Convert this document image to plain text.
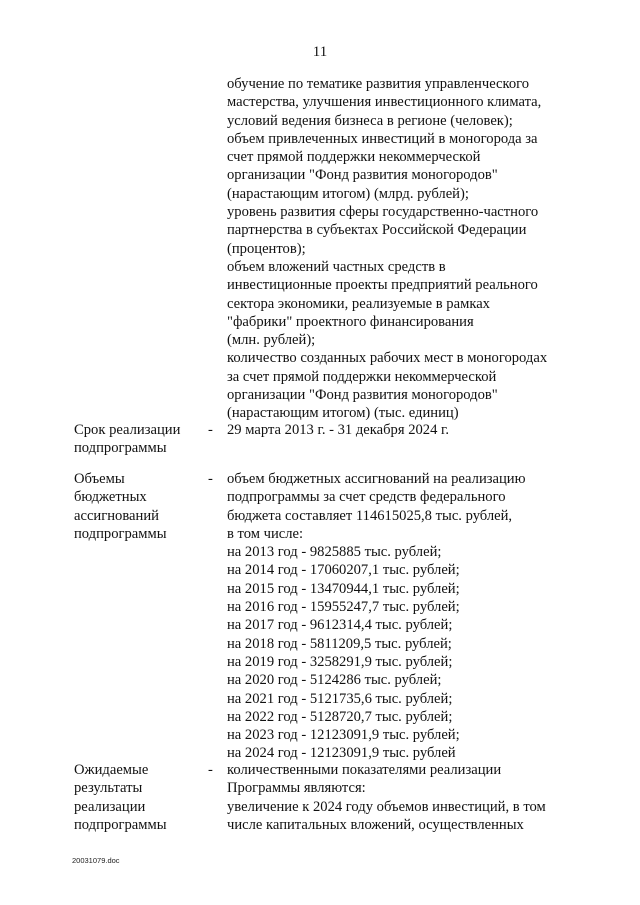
11
обучение по тематике развития управленческого
мастерства, улучшения инвестиционного климата,
условий ведения бизнеса в регионе (человек);
объем привлеченных инвестиций в моногорода за
счет прямой поддержки некоммерческой
организации "Фонд развития моногородов"
(нарастающим итогом) (млрд. рублей);
уровень развития сферы государственно-частного
партнерства в субъектах Российской Федерации
(процентов);
объем вложений частных средств в
инвестиционные проекты предприятий реального
сектора экономики, реализуемые в рамках
"фабрики" проектного финансирования
(млн. рублей);
количество созданных рабочих мест в моногородах
за счет прямой поддержки некоммерческой
организации "Фонд развития моногородов"
(нарастающим итогом) (тыс. единиц)
Срок реализации
подпрограммы
- 29 марта 2013 г. - 31 декабря 2024 г.
Объемы
бюджетных
ассигнований
подпрограммы
- объем бюджетных ассигнований на реализацию
подпрограммы за счет средств федерального
бюджета составляет 114615025,8 тыс. рублей,
в том числе:
на 2013 год - 9825885 тыс. рублей;
на 2014 год - 17060207,1 тыс. рублей;
на 2015 год - 13470944,1 тыс. рублей;
на 2016 год - 15955247,7 тыс. рублей;
на 2017 год - 9612314,4 тыс. рублей;
на 2018 год - 5811209,5 тыс. рублей;
на 2019 год - 3258291,9 тыс. рублей;
на 2020 год - 5124286 тыс. рублей;
на 2021 год - 5121735,6 тыс. рублей;
на 2022 год - 5128720,7 тыс. рублей;
на 2023 год - 12123091,9 тыс. рублей;
на 2024 год - 12123091,9 тыс. рублей
Ожидаемые
результаты
реализации
подпрограммы
- количественными показателями реализации
Программы являются:
увеличение к 2024 году объемов инвестиций, в том
числе капитальных вложений, осуществленных
20031079.doc
